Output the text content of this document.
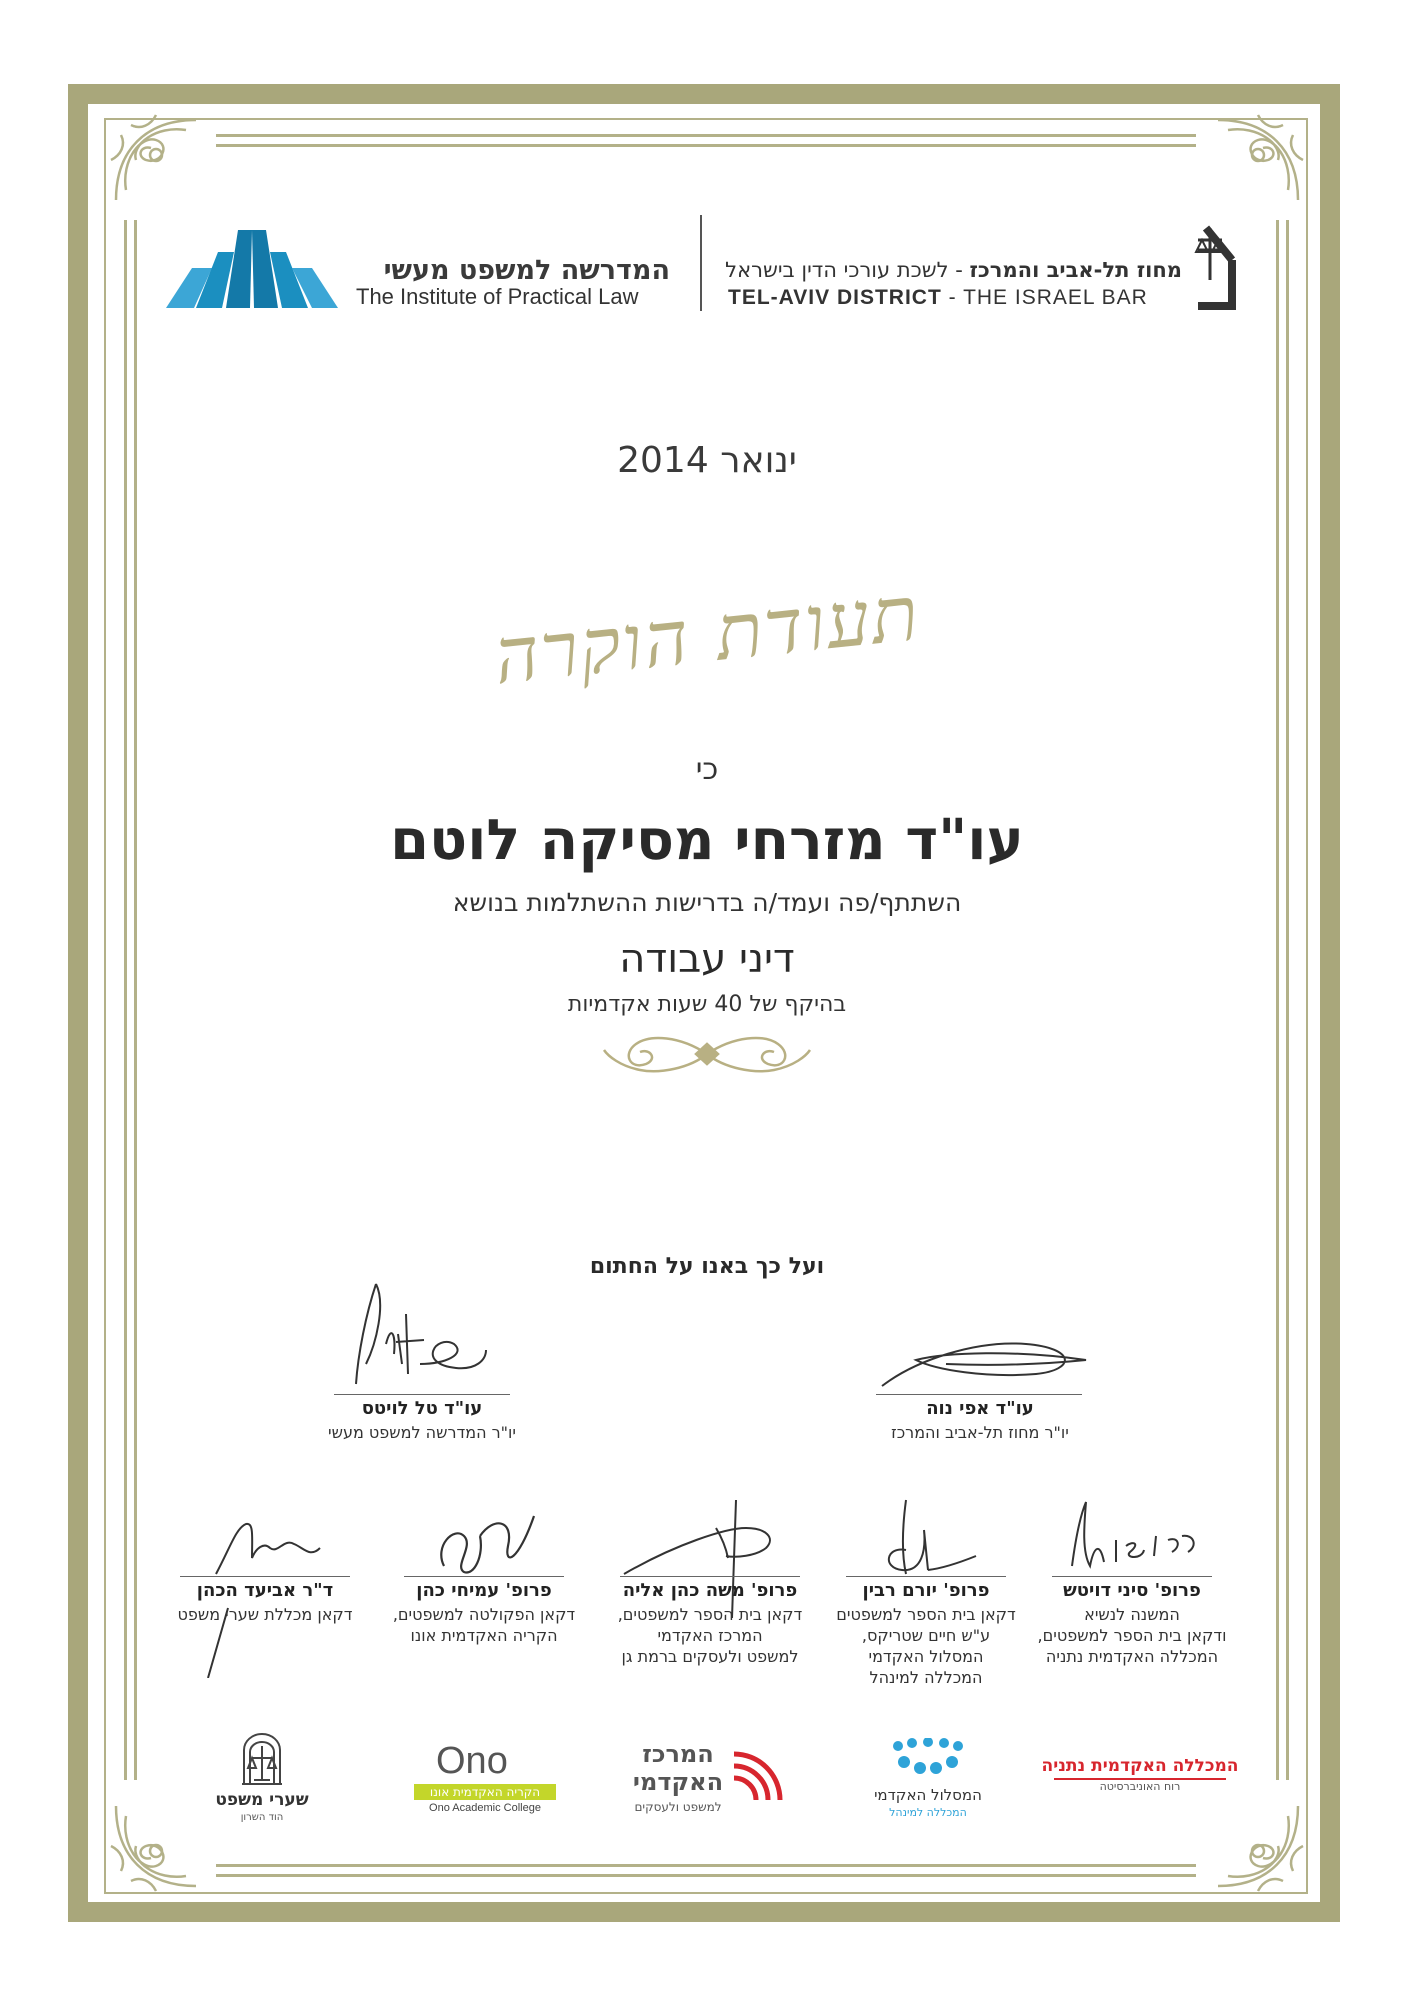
המדרשה למשפט מעשי
The Institute of Practical Law
מחוז תל-אביב והמרכז - לשכת עורכי הדין בישראל
TEL-AVIV DISTRICT - THE ISRAEL BAR
ינואר 2014
תעודת הוקרה
כי
עו"ד מזרחי מסיקה לוטם
השתתף/פה ועמד/ה בדרישות ההשתלמות בנושא
דיני עבודה
בהיקף של 40 שעות אקדמיות
ועל כך באנו על החתום
עו"ד טל לויטס
יו"ר המדרשה למשפט מעשי
עו"ד אפי נוה
יו"ר מחוז תל-אביב והמרכז
פרופ' סיני דויטש
המשנה לנשיא
ודקאן בית הספר למשפטים,
המכללה האקדמית נתניה
פרופ' יורם רבין
דקאן בית הספר למשפטים
ע"ש חיים שטריקס,
המסלול האקדמי
המכללה למינהל
פרופ' משה כהן אליה
דקאן בית הספר למשפטים,
המרכז האקדמי
למשפט ולעסקים ברמת גן
פרופ' עמיחי כהן
דקאן הפקולטה למשפטים,
הקריה האקדמית אונו
ד"ר אביעד הכהן
דקאן מכללת שערי משפט
המכללה האקדמית נתניה
רוח האוניברסיטה
המסלול האקדמי
המכללה למינהל
המרכז
האקדמי
למשפט ולעסקים
Ono
הקריה האקדמית אונו
Ono Academic College
שערי משפט
הוד השרון
